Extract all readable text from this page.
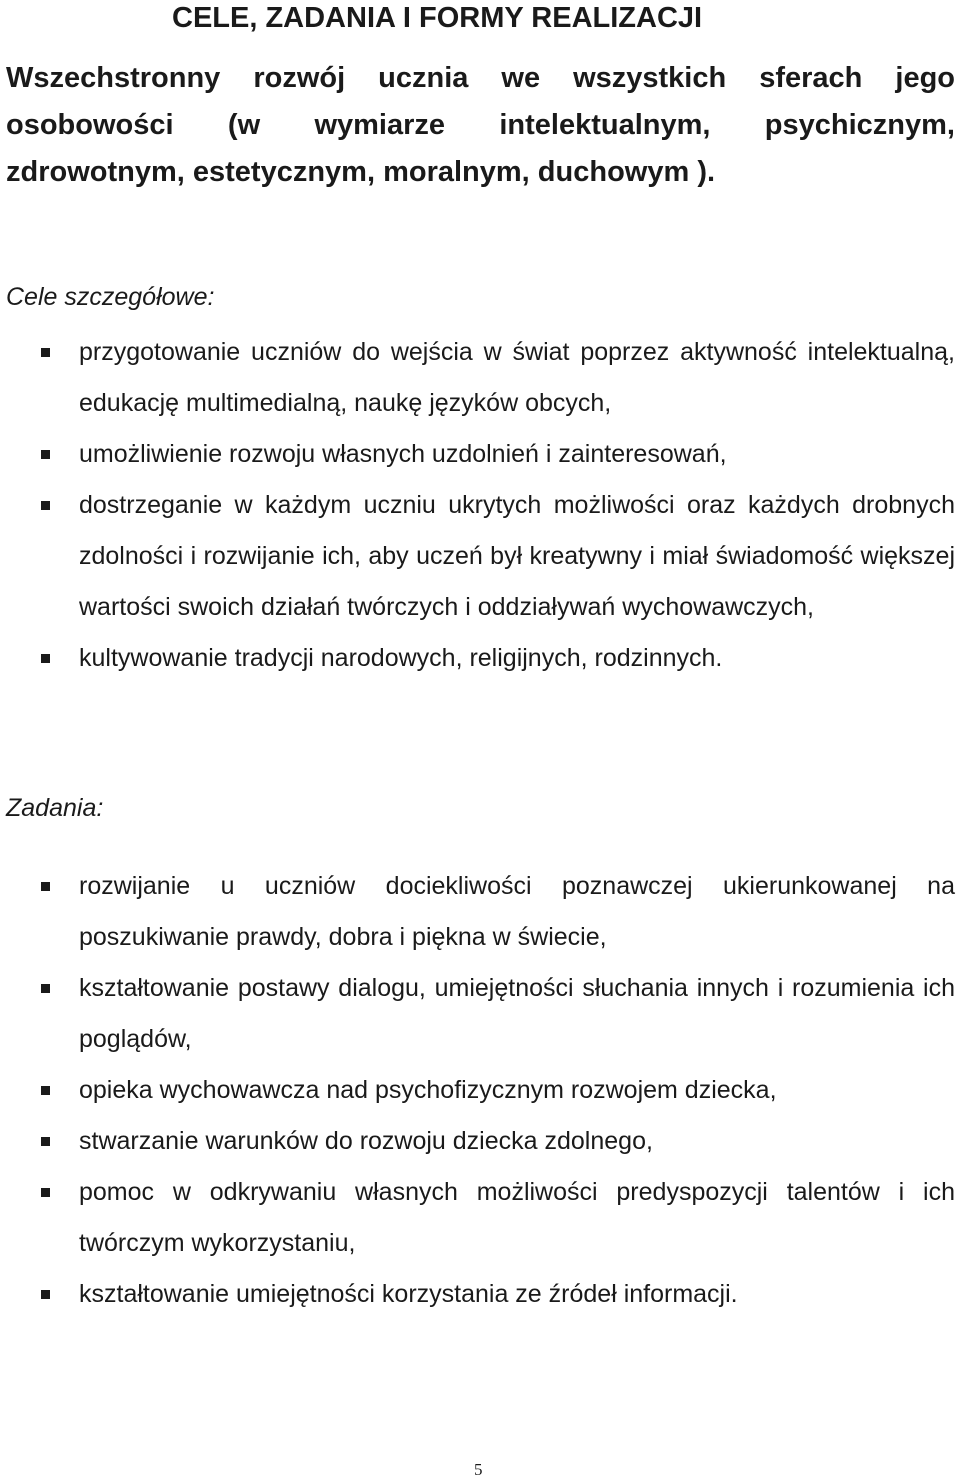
CELE, ZADANIA I FORMY REALIZACJI
Wszechstronny rozwój ucznia we wszystkich sferach jego osobowości (w wymiarze intelektualnym, psychicznym, zdrowotnym, estetycznym, moralnym, duchowym ).
Cele szczegółowe:
przygotowanie uczniów do wejścia w świat poprzez aktywność intelektualną, edukację multimedialną, naukę języków obcych,
umożliwienie rozwoju własnych uzdolnień i zainteresowań,
dostrzeganie w każdym uczniu ukrytych możliwości oraz każdych drobnych zdolności i rozwijanie ich, aby uczeń był kreatywny i miał świadomość większej wartości swoich działań twórczych i oddziaływań wychowawczych,
kultywowanie tradycji narodowych, religijnych, rodzinnych.
Zadania:
rozwijanie u uczniów dociekliwości poznawczej ukierunkowanej na poszukiwanie prawdy, dobra i piękna w świecie,
kształtowanie postawy dialogu, umiejętności słuchania innych i rozumienia ich poglądów,
opieka wychowawcza nad psychofizycznym rozwojem dziecka,
stwarzanie warunków do rozwoju dziecka zdolnego,
pomoc w odkrywaniu własnych możliwości predyspozycji talentów i ich twórczym wykorzystaniu,
kształtowanie umiejętności korzystania ze źródeł informacji.
5
